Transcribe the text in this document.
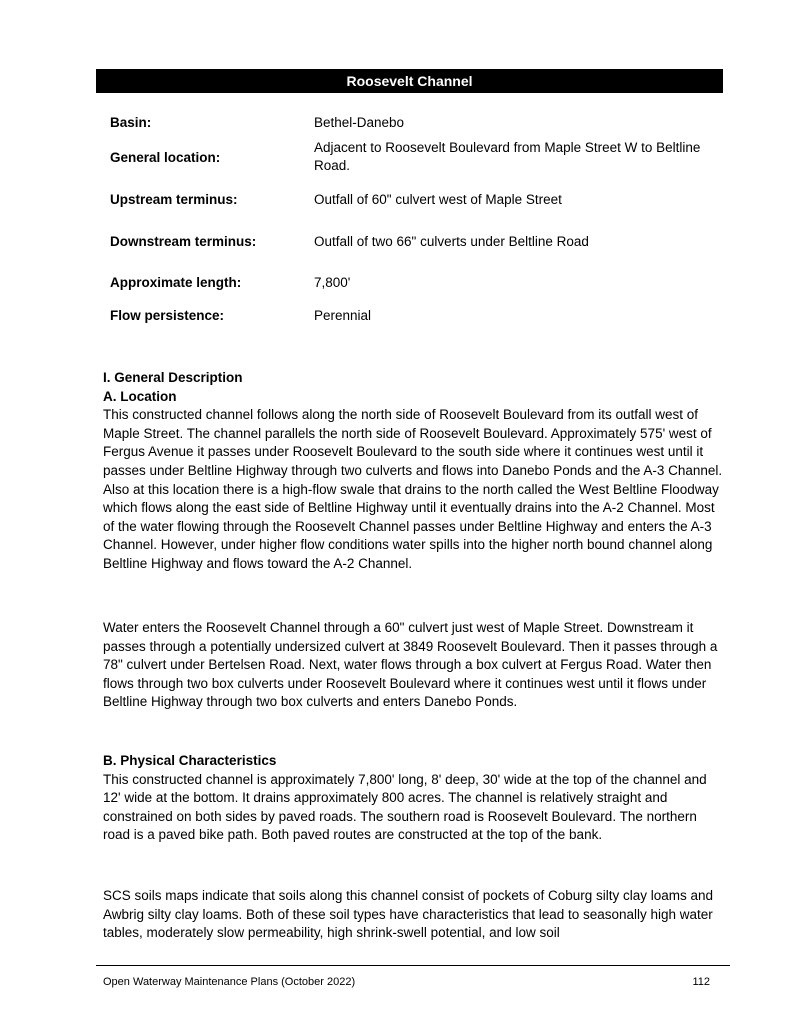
Roosevelt Channel
Basin:	Bethel-Danebo
General location:
Adjacent to Roosevelt Boulevard from Maple Street W to Beltline Road.
Upstream terminus:	Outfall of 60" culvert west of Maple Street
Downstream terminus:	Outfall of two 66" culverts under Beltline Road
Approximate length:	7,800'
Flow persistence:	Perennial
I. General Description
A. Location

This constructed channel follows along the north side of Roosevelt Boulevard from its outfall west of Maple Street. The channel parallels the north side of Roosevelt Boulevard. Approximately 575' west of Fergus Avenue it passes under Roosevelt Boulevard to the south side where it continues west until it passes under Beltline Highway through two culverts and flows into Danebo Ponds and the A-3 Channel. Also at this location there is a high-flow swale that drains to the north called the West Beltline Floodway which flows along the east side of Beltline Highway until it eventually drains into the A-2 Channel. Most of the water flowing through the Roosevelt Channel passes under Beltline Highway and enters the A-3 Channel. However, under higher flow conditions water spills into the higher north bound channel along Beltline Highway and flows toward the A-2 Channel.

Water enters the Roosevelt Channel through a 60" culvert just west of Maple Street. Downstream it passes through a potentially undersized culvert at 3849 Roosevelt Boulevard. Then it passes through a 78" culvert under Bertelsen Road. Next, water flows through a box culvert at Fergus Road. Water then flows through two box culverts under Roosevelt Boulevard where it continues west until it flows under Beltline Highway through two box culverts and enters Danebo Ponds.

B. Physical Characteristics

This constructed channel is approximately 7,800' long, 8' deep, 30' wide at the top of the channel and 12' wide at the bottom. It drains approximately 800 acres. The channel is relatively straight and constrained on both sides by paved roads. The southern road is Roosevelt Boulevard. The northern road is a paved bike path. Both paved routes are constructed at the top of the bank.

SCS soils maps indicate that soils along this channel consist of pockets of Coburg silty clay loams and Awbrig silty clay loams. Both of these soil types have characteristics that lead to seasonally high water tables, moderately slow permeability, high shrink-swell potential, and low soil

Open Waterway Maintenance Plans (October 2022)	112
